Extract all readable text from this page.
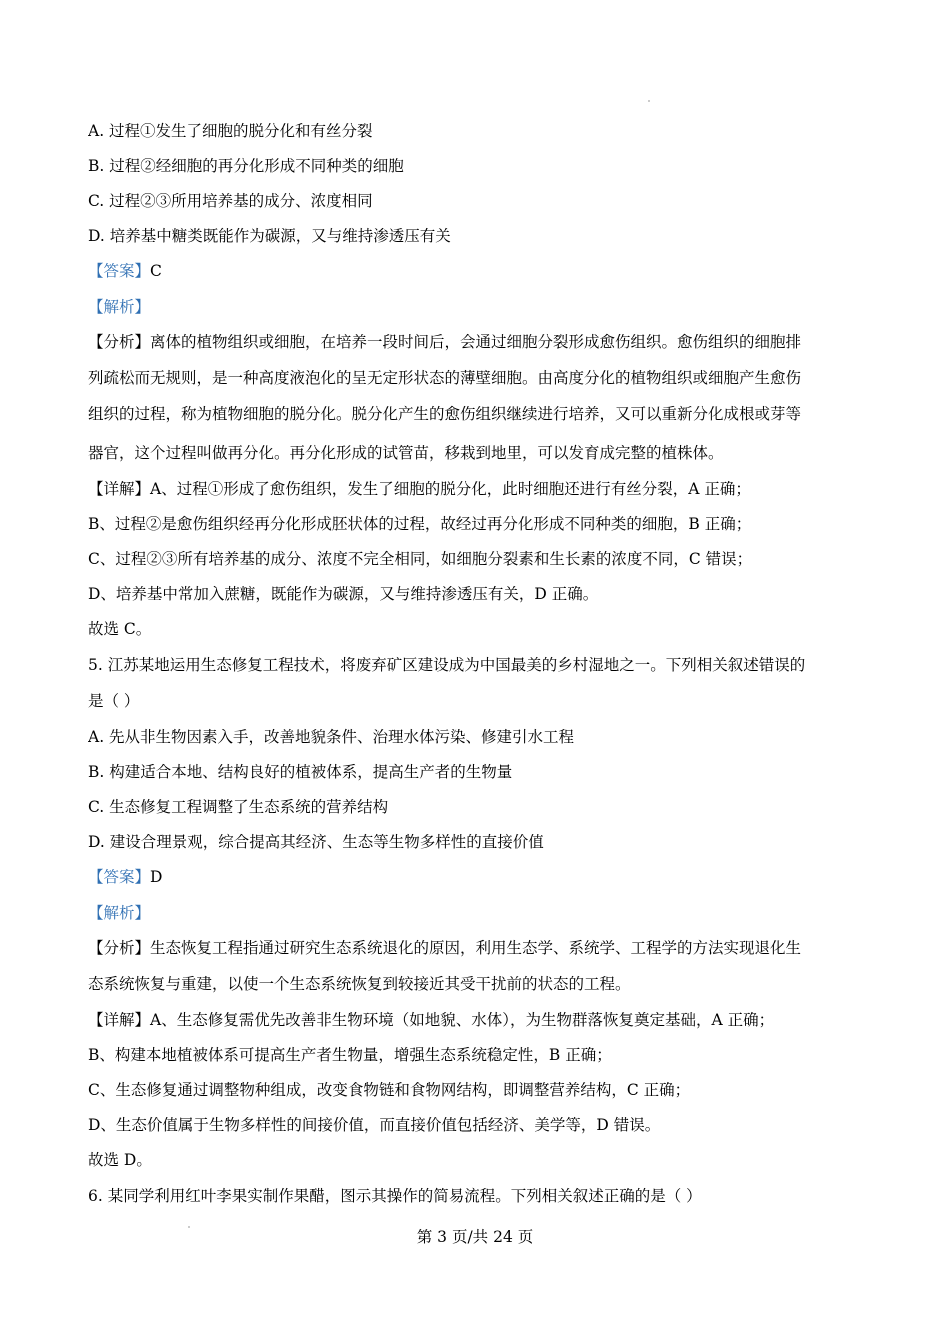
A. 过程①发生了细胞的脱分化和有丝分裂
B. 过程②经细胞的再分化形成不同种类的细胞
C. 过程②③所用培养基的成分、浓度相同
D. 培养基中糖类既能作为碳源，又与维持渗透压有关
【答案】C
【解析】
【分析】离体的植物组织或细胞，在培养一段时间后，会通过细胞分裂形成愈伤组织。愈伤组织的细胞排
列疏松而无规则，是一种高度液泡化的呈无定形状态的薄壁细胞。由高度分化的植物组织或细胞产生愈伤
组织的过程，称为植物细胞的脱分化。脱分化产生的愈伤组织继续进行培养，又可以重新分化成根或芽等
器官，这个过程叫做再分化。再分化形成的试管苗，移栽到地里，可以发育成完整的植株体。
【详解】A、过程①形成了愈伤组织，发生了细胞的脱分化，此时细胞还进行有丝分裂，A 正确；
B、过程②是愈伤组织经再分化形成胚状体的过程，故经过再分化形成不同种类的细胞，B 正确；
C、过程②③所有培养基的成分、浓度不完全相同，如细胞分裂素和生长素的浓度不同，C 错误；
D、培养基中常加入蔗糖，既能作为碳源，又与维持渗透压有关，D 正确。
故选 C。
5. 江苏某地运用生态修复工程技术，将废弃矿区建设成为中国最美的乡村湿地之一。下列相关叙述错误的
是（ ）
A. 先从非生物因素入手，改善地貌条件、治理水体污染、修建引水工程
B. 构建适合本地、结构良好的植被体系，提高生产者的生物量
C. 生态修复工程调整了生态系统的营养结构
D. 建设合理景观，综合提高其经济、生态等生物多样性的直接价值
【答案】D
【解析】
【分析】生态恢复工程指通过研究生态系统退化的原因，利用生态学、系统学、工程学的方法实现退化生
态系统恢复与重建，以使一个生态系统恢复到较接近其受干扰前的状态的工程。
【详解】A、生态修复需优先改善非生物环境（如地貌、水体），为生物群落恢复奠定基础，A 正确；
B、构建本地植被体系可提高生产者生物量，增强生态系统稳定性，B 正确；
C、生态修复通过调整物种组成，改变食物链和食物网结构，即调整营养结构，C 正确；
D、生态价值属于生物多样性的间接价值，而直接价值包括经济、美学等，D 错误。
故选 D。
6. 某同学利用红叶李果实制作果醋，图示其操作的简易流程。下列相关叙述正确的是（ ）
第 3 页/共 24 页
